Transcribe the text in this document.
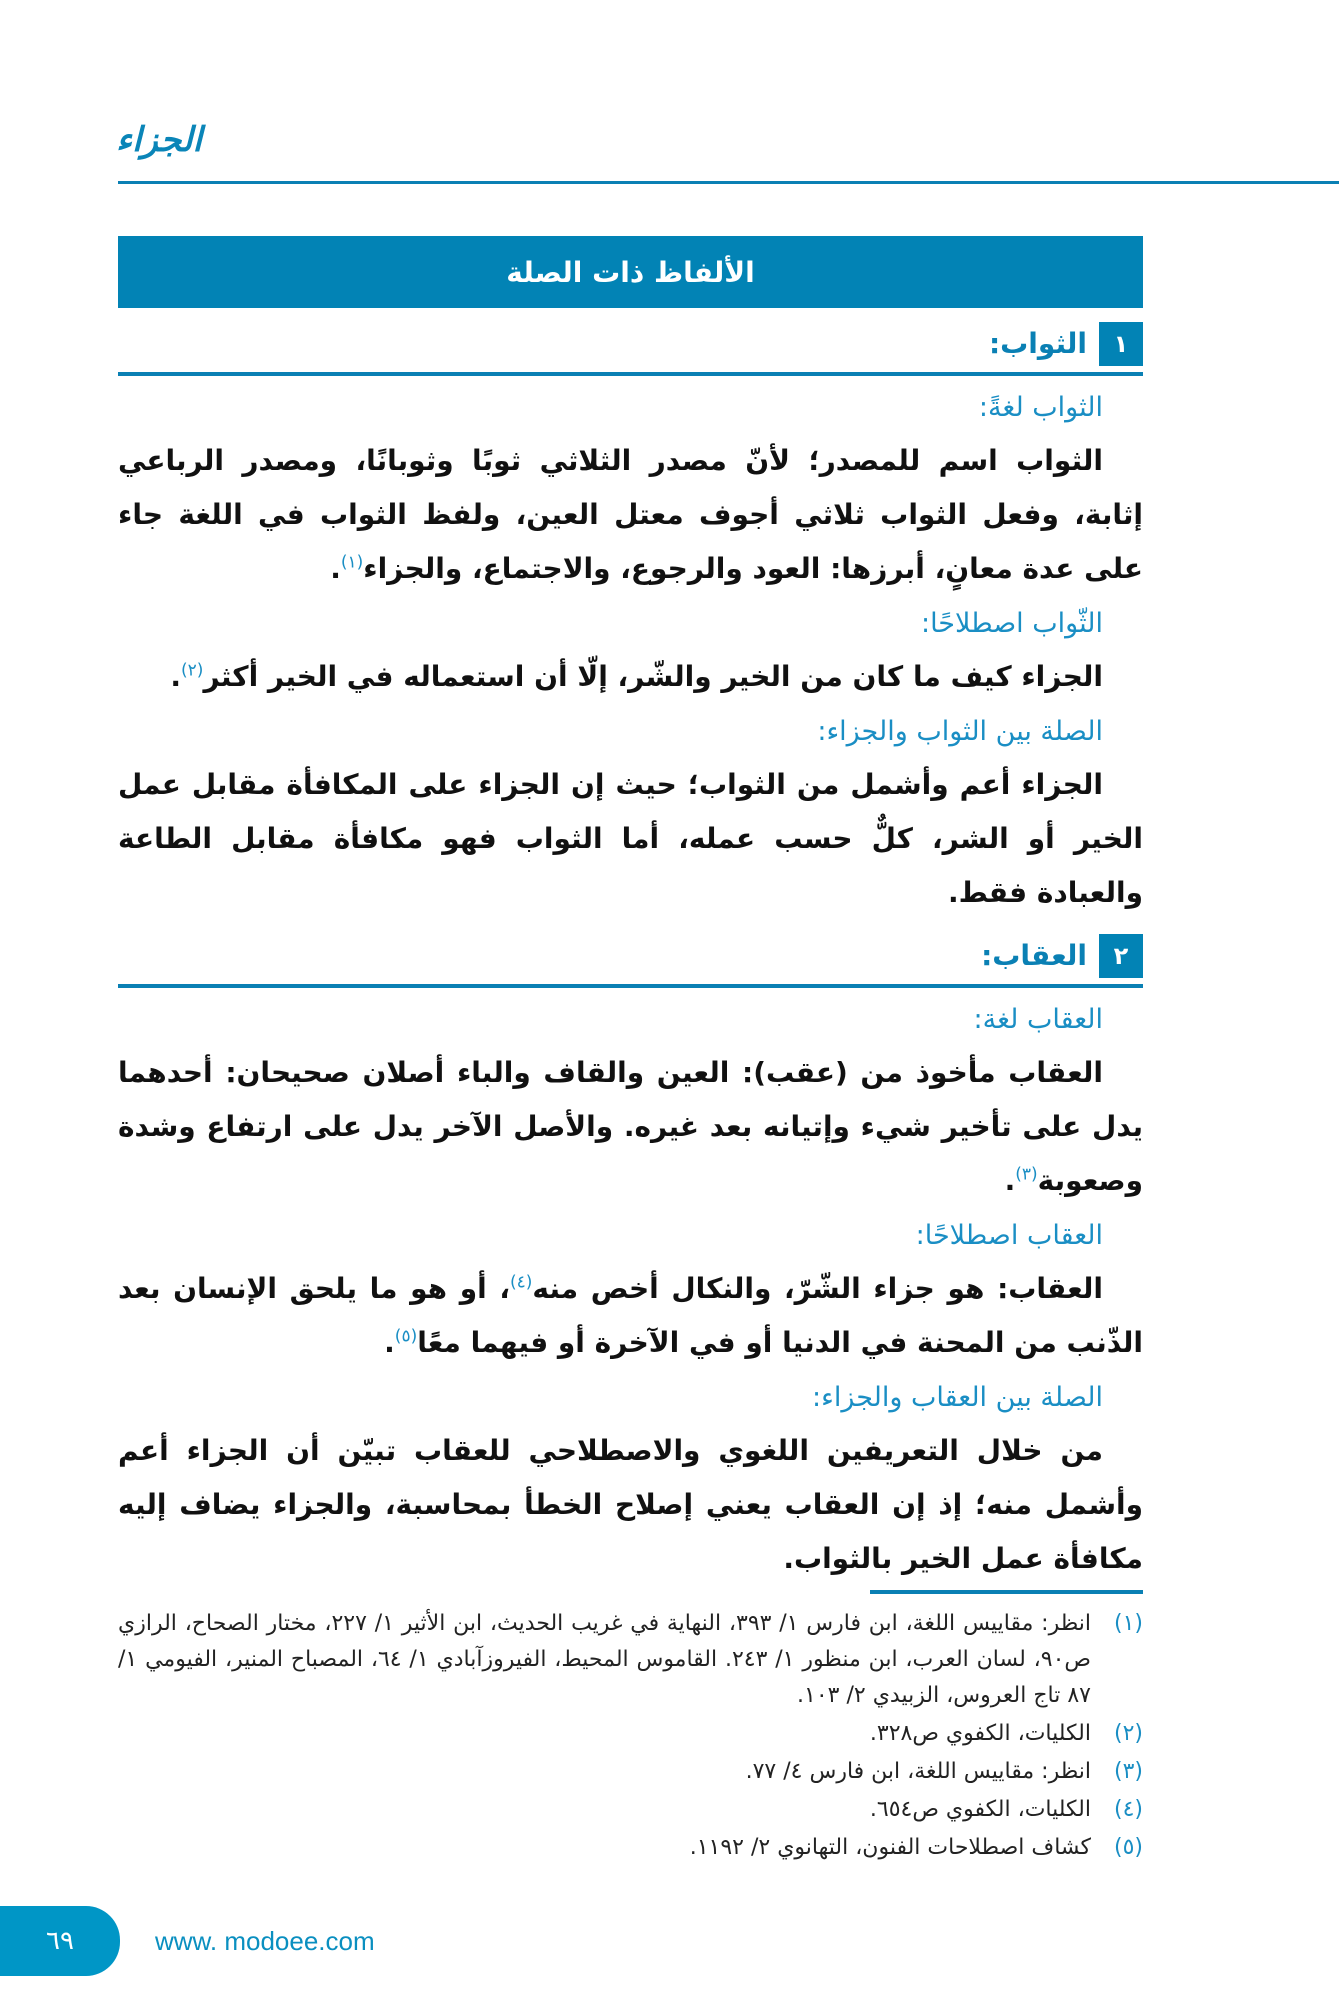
الجزاء
الألفاظ ذات الصلة
١
الثواب:
الثواب لغةً:

الثواب اسم للمصدر؛ لأنّ مصدر الثلاثي ثوبًا وثوبانًا، ومصدر الرباعي إثابة، وفعل الثواب ثلاثي أجوف معتل العين، ولفظ الثواب في اللغة جاء على عدة معانٍ، أبرزها: العود والرجوع، والاجتماع، والجزاء$^{(١)}$.

الثّواب اصطلاحًا:

الجزاء كيف ما كان من الخير والشّر، إلّا أن استعماله في الخير أكثر$^{(٢)}$.

الصلة بين الثواب والجزاء:

الجزاء أعم وأشمل من الثواب؛ حيث إن الجزاء على المكافأة مقابل عمل الخير أو الشر، كلٌّ حسب عمله، أما الثواب فهو مكافأة مقابل الطاعة والعبادة فقط.

٢
العقاب:
العقاب لغة:

العقاب مأخوذ من (عقب): العين والقاف والباء أصلان صحيحان: أحدهما يدل على تأخير شيء وإتيانه بعد غيره. والأصل الآخر يدل على ارتفاع وشدة وصعوبة$^{(٣)}$.

العقاب اصطلاحًا:

العقاب: هو جزاء الشّرّ، والنكال أخص منه$^{(٤)}$، أو هو ما يلحق الإنسان بعد الذّنب من المحنة في الدنيا أو في الآخرة أو فيهما معًا$^{(٥)}$.

الصلة بين العقاب والجزاء:

من خلال التعريفين اللغوي والاصطلاحي للعقاب تبيّن أن الجزاء أعم وأشمل منه؛ إذ إن العقاب يعني إصلاح الخطأ بمحاسبة، والجزاء يضاف إليه مكافأة عمل الخير بالثواب.

(١)
انظر: مقاييس اللغة، ابن فارس ١/ ٣٩٣، النهاية في غريب الحديث، ابن الأثير ١/ ٢٢٧، مختار الصحاح، الرازي ص٩٠، لسان العرب، ابن منظور ١/ ٢٤٣. القاموس المحيط، الفيروزآبادي ١/ ٦٤، المصباح المنير، الفيومي ١/ ٨٧ تاج العروس، الزبيدي ٢/ ١٠٣.
(٢)
الكليات، الكفوي ص٣٢٨.
(٣)
انظر: مقاييس اللغة، ابن فارس ٤/ ٧٧.
(٤)
الكليات، الكفوي ص٦٥٤.
(٥)
كشاف اصطلاحات الفنون، التهانوي ٢/ ١١٩٢.
٦٩	www. modoee.com
